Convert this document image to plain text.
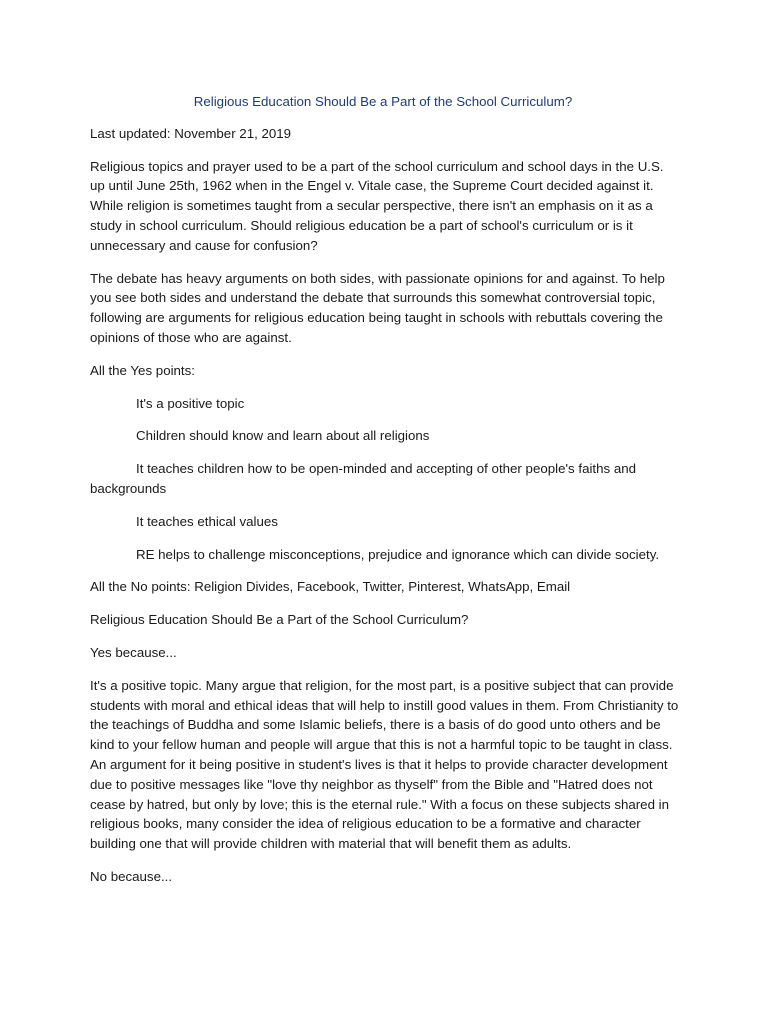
Religious Education Should Be a Part of the School Curriculum?

Last updated: November 21, 2019

Religious topics and prayer used to be a part of the school curriculum and school days in the U.S. up until June 25th, 1962 when in the Engel v. Vitale case, the Supreme Court decided against it. While religion is sometimes taught from a secular perspective, there isn't an emphasis on it as a study in school curriculum. Should religious education be a part of school's curriculum or is it unnecessary and cause for confusion?

The debate has heavy arguments on both sides, with passionate opinions for and against. To help you see both sides and understand the debate that surrounds this somewhat controversial topic, following are arguments for religious education being taught in schools with rebuttals covering the opinions of those who are against.

All the Yes points:

It's a positive topic

Children should know and learn about all religions

It teaches children how to be open-minded and accepting of other people's faiths and backgrounds

It teaches ethical values

RE helps to challenge misconceptions, prejudice and ignorance which can divide society.

All the No points: Religion Divides, Facebook, Twitter, Pinterest, WhatsApp, Email

Religious Education Should Be a Part of the School Curriculum?

Yes because...

It's a positive topic. Many argue that religion, for the most part, is a positive subject that can provide students with moral and ethical ideas that will help to instill good values in them. From Christianity to the teachings of Buddha and some Islamic beliefs, there is a basis of do good unto others and be kind to your fellow human and people will argue that this is not a harmful topic to be taught in class. An argument for it being positive in student's lives is that it helps to provide character development due to positive messages like "love thy neighbor as thyself" from the Bible and "Hatred does not cease by hatred, but only by love; this is the eternal rule." With a focus on these subjects shared in religious books, many consider the idea of religious education to be a formative and character building one that will provide children with material that will benefit them as adults.

No because...
